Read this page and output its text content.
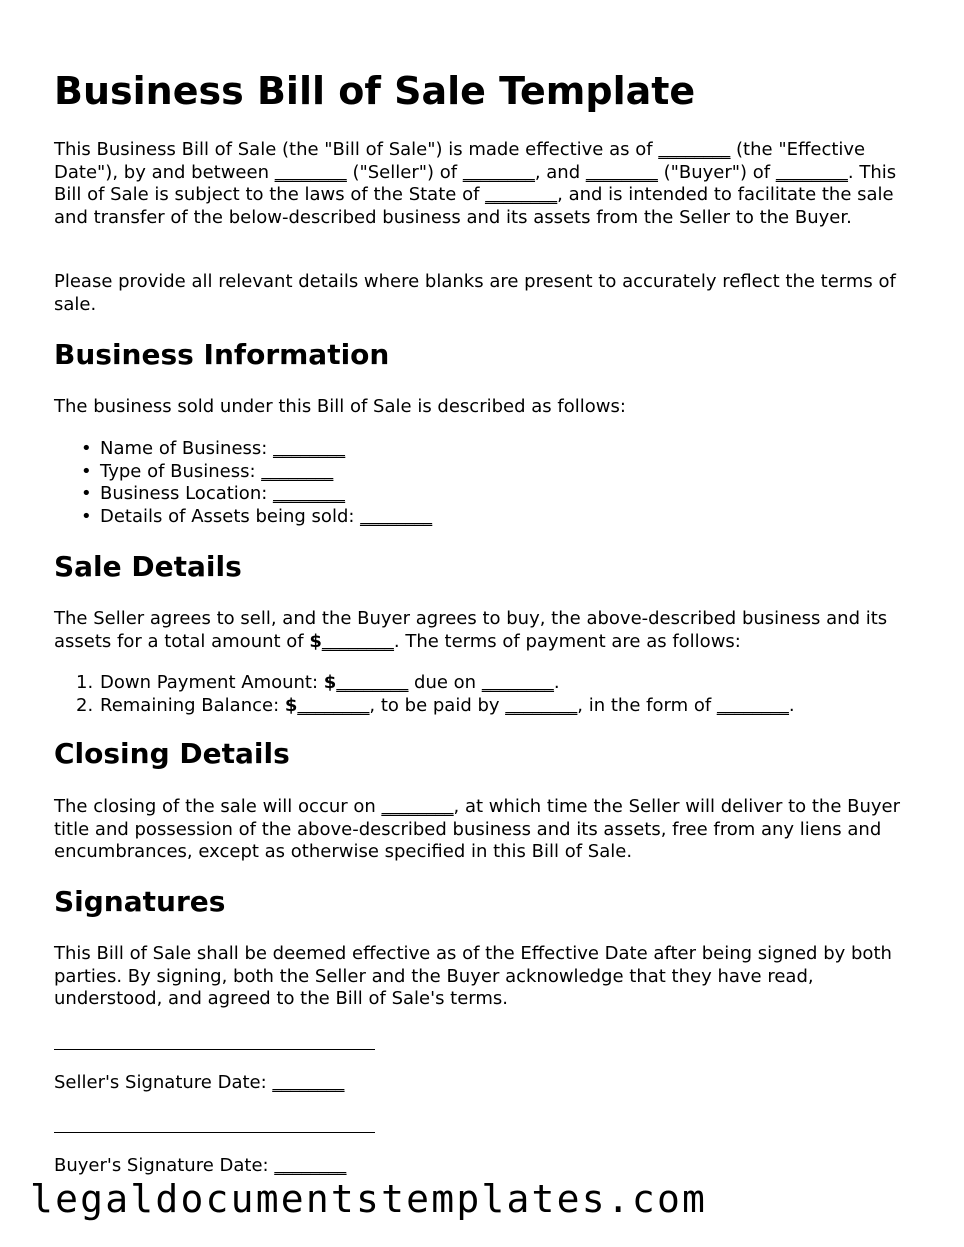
Business Bill of Sale Template

This Business Bill of Sale (the "Bill of Sale") is made effective as of ________ (the "Effective Date"), by and between ________ ("Seller") of ________, and ________ ("Buyer") of ________. This Bill of Sale is subject to the laws of the State of ________, and is intended to facilitate the sale and transfer of the below-described business and its assets from the Seller to the Buyer.

Please provide all relevant details where blanks are present to accurately reflect the terms of sale.

Business Information

The business sold under this Bill of Sale is described as follows:

• Name of Business: ________
• Type of Business: ________
• Business Location: ________
• Details of Assets being sold: ________
Sale Details

The Seller agrees to sell, and the Buyer agrees to buy, the above-described business and its assets for a total amount of $________. The terms of payment are as follows:

1. Down Payment Amount: $________ due on ________.
2. Remaining Balance: $________, to be paid by ________, in the form of ________.
Closing Details

The closing of the sale will occur on ________, at which time the Seller will deliver to the Buyer title and possession of the above-described business and its assets, free from any liens and encumbrances, except as otherwise specified in this Bill of Sale.

Signatures

This Bill of Sale shall be deemed effective as of the Effective Date after being signed by both parties. By signing, both the Seller and the Buyer acknowledge that they have read, understood, and agreed to the Bill of Sale's terms.

Seller's Signature Date: ________
Buyer's Signature Date: ________
legaldocumentstemplates.com
